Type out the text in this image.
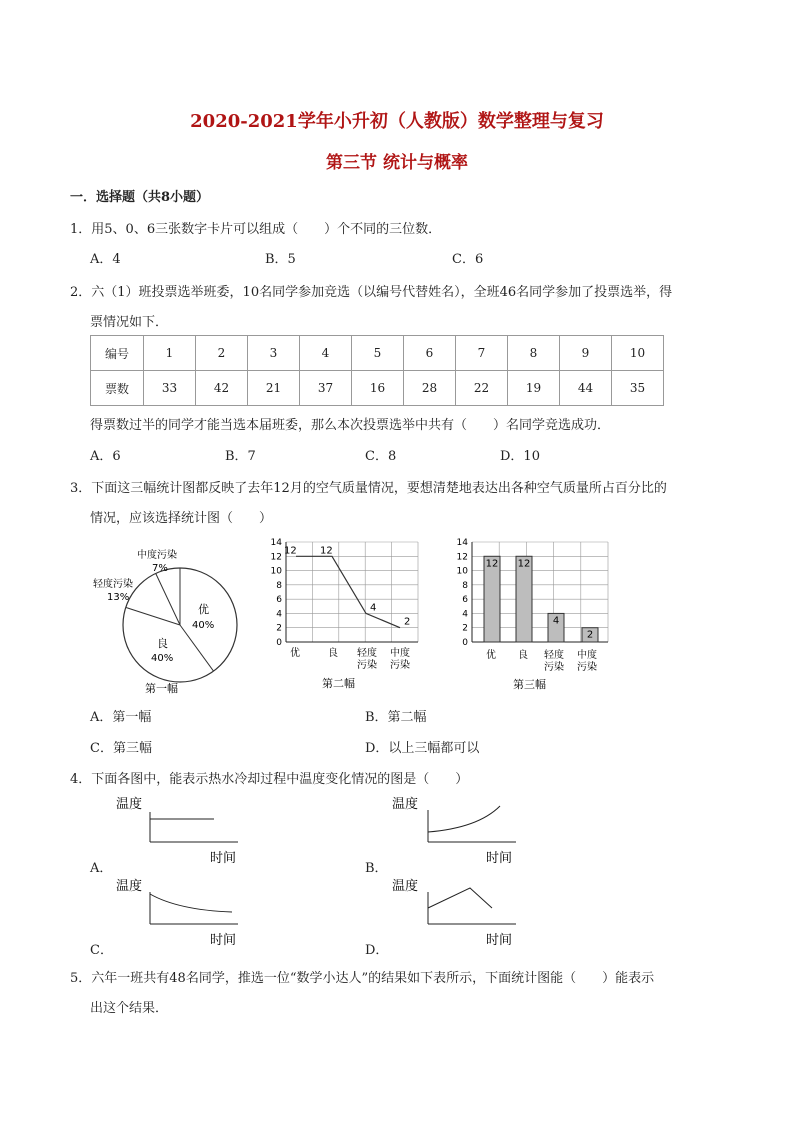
2020-2021学年小升初（人教版）数学整理与复习
第三节 统计与概率
一．选择题（共8小题）
1．用5、0、6三张数字卡片可以组成（　　）个不同的三位数．
A．4	B．5	C．6
2．六（1）班投票选举班委，10名同学参加竞选（以编号代替姓名），全班46名同学参加了投票选举，得
票情况如下．
编号	1	2	3	4	5	6	7	8	9	10
票数	33	42	21	37	16	28	22	19	44	35
得票数过半的同学才能当选本届班委，那么本次投票选举中共有（　　）名同学竞选成功．
A．6	B．7	C．8	D．10
3．下面这三幅统计图都反映了去年12月的空气质量情况，要想清楚地表达出各种空气质量所占百分比的
情况，应该选择统计图（　　）
中度污染
7%
轻度污染
13%
优
40%
良
40%
第一幅
0
2
4
6
8
10
12
14
12 12
4
2
优	良 轻度
污染
中度
污染
第二幅
0
2
4
6
8
10
12
14
12 12
4
2
优 良 轻度
污染
中度
污染
第三幅
A．第一幅	B．第二幅
C．第三幅	D．以上三幅都可以
4．下面各图中，能表示热水冷却过程中温度变化情况的图是（　　）
温度
时间
温度
时间
A．	B．
温度
时间
温度
时间
C．	D．
5．六年一班共有48名同学，推选一位“数学小达人”的结果如下表所示，下面统计图能（　　）能表示
出这个结果．
